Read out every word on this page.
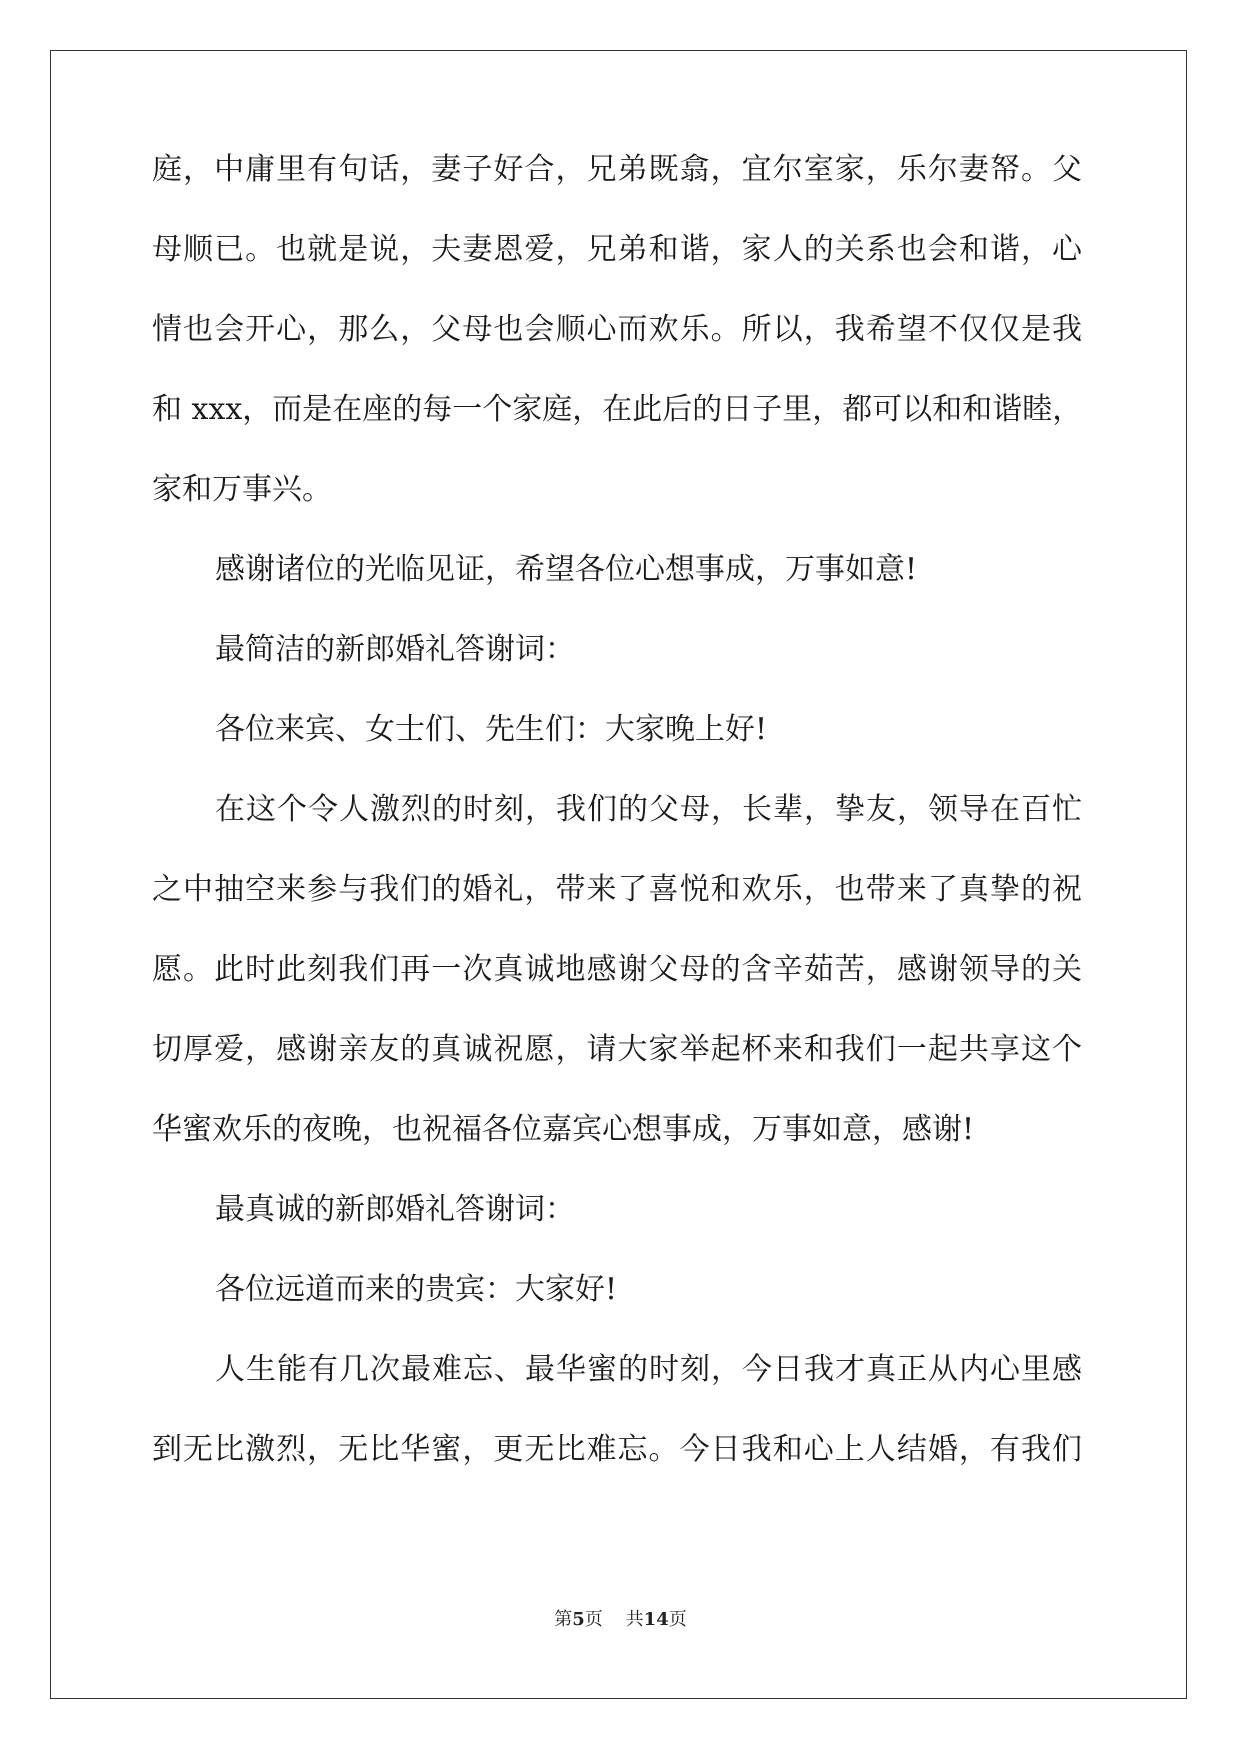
庭，中庸里有句话，妻子好合，兄弟既翕，宜尔室家，乐尔妻帑。父
母顺已。也就是说，夫妻恩爱，兄弟和谐，家人的关系也会和谐，心
情也会开心，那么，父母也会顺心而欢乐。所以，我希望不仅仅是我
和 xxx，而是在座的每一个家庭，在此后的日子里，都可以和和谐睦，
家和万事兴。
感谢诸位的光临见证，希望各位心想事成，万事如意!
最简洁的新郎婚礼答谢词：
各位来宾、女士们、先生们：大家晚上好!
在这个令人激烈的时刻，我们的父母，长辈，挚友，领导在百忙
之中抽空来参与我们的婚礼，带来了喜悦和欢乐，也带来了真挚的祝
愿。此时此刻我们再一次真诚地感谢父母的含辛茹苦，感谢领导的关
切厚爱，感谢亲友的真诚祝愿，请大家举起杯来和我们一起共享这个
华蜜欢乐的夜晚，也祝福各位嘉宾心想事成，万事如意，感谢!
最真诚的新郎婚礼答谢词：
各位远道而来的贵宾：大家好!
人生能有几次最难忘、最华蜜的时刻，今日我才真正从内心里感
到无比激烈，无比华蜜，更无比难忘。今日我和心上人结婚，有我们
第5页 共14页
